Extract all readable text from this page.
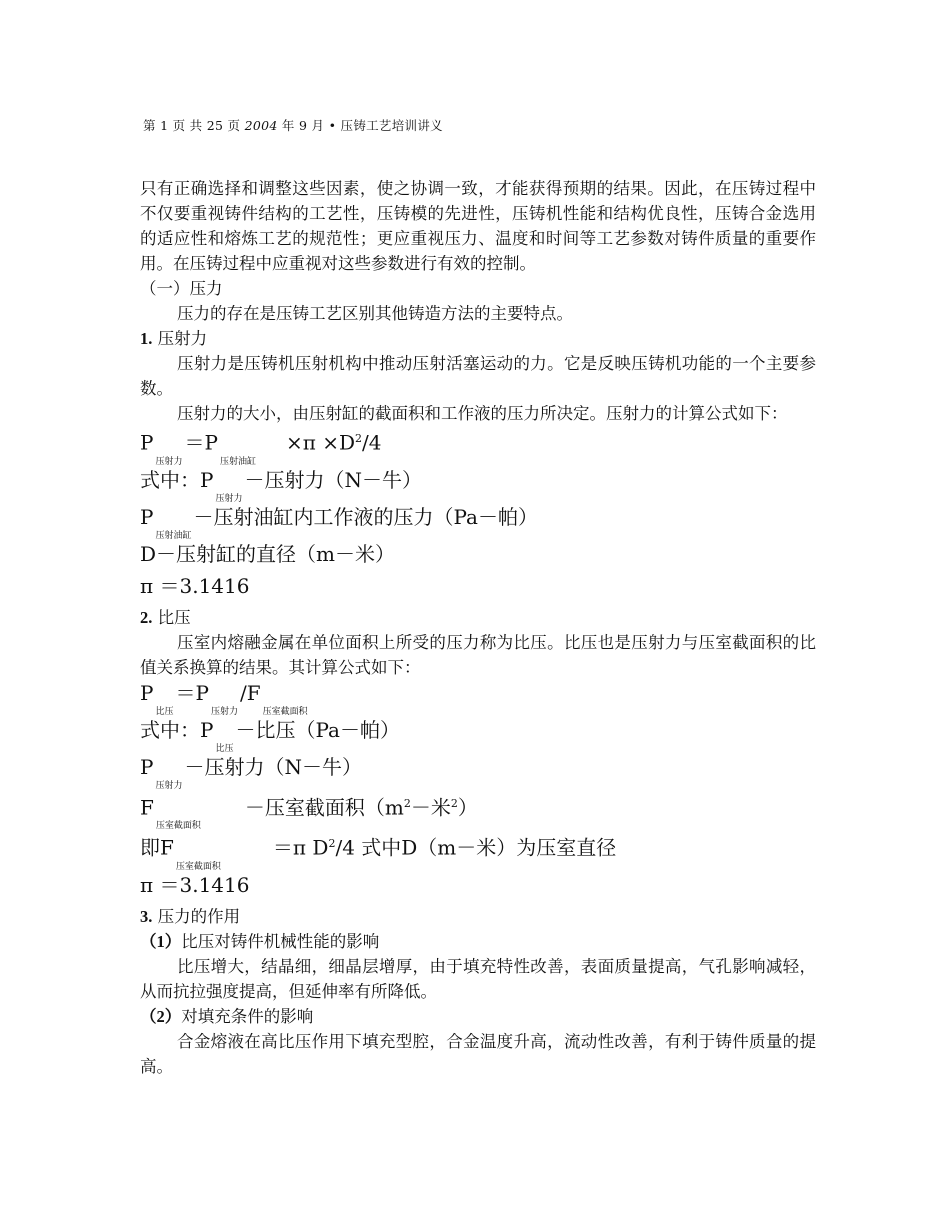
第 1 页 共 25 页 2004 年 9 月 • 压铸工艺培训讲义

只有正确选择和调整这些因素，使之协调一致，才能获得预期的结果。因此，在压铸过程中不仅要重视铸件结构的工艺性，压铸模的先进性，压铸机性能和结构优良性，压铸合金选用的适应性和熔炼工艺的规范性；更应重视压力、温度和时间等工艺参数对铸件质量的重要作用。在压铸过程中应重视对这些参数进行有效的控制。

（一）压力

压力的存在是压铸工艺区别其他铸造方法的主要特点。

1. 压射力

压射力是压铸机压射机构中推动压射活塞运动的力。它是反映压铸机功能的一个主要参数。

压射力的大小，由压射缸的截面积和工作液的压力所决定。压射力的计算公式如下：

$P_{压射力}=P_{压射油缸}\times\pi \times D^2/4$
式中：$P_{压射力}-$压射力（N－牛）
$P_{压射油缸}-$压射油缸内工作液的压力（Pa－帕）
D－压射缸的直径（m－米）
π ＝3.1416

2. 比压

压室内熔融金属在单位面积上所受的压力称为比压。比压也是压射力与压室截面积的比值关系换算的结果。其计算公式如下：

$P_{比压}=P_{压射力}/F_{压室截面积}$
式中：$P_{比压}-$比压（Pa－帕）
$P_{压射力}-$压射力（N－牛）
$F_{压室截面积}-$压室截面积（$m^2-$米$^2$）
即$F_{压室截面积}=\pi$ $D^2/4$ 式中D（m－米）为压室直径
π ＝3.1416

3. 压力的作用

（1）比压对铸件机械性能的影响

比压增大，结晶细，细晶层增厚，由于填充特性改善，表面质量提高，气孔影响减轻，从而抗拉强度提高，但延伸率有所降低。

（2）对填充条件的影响

合金熔液在高比压作用下填充型腔，合金温度升高，流动性改善，有利于铸件质量的提高。
